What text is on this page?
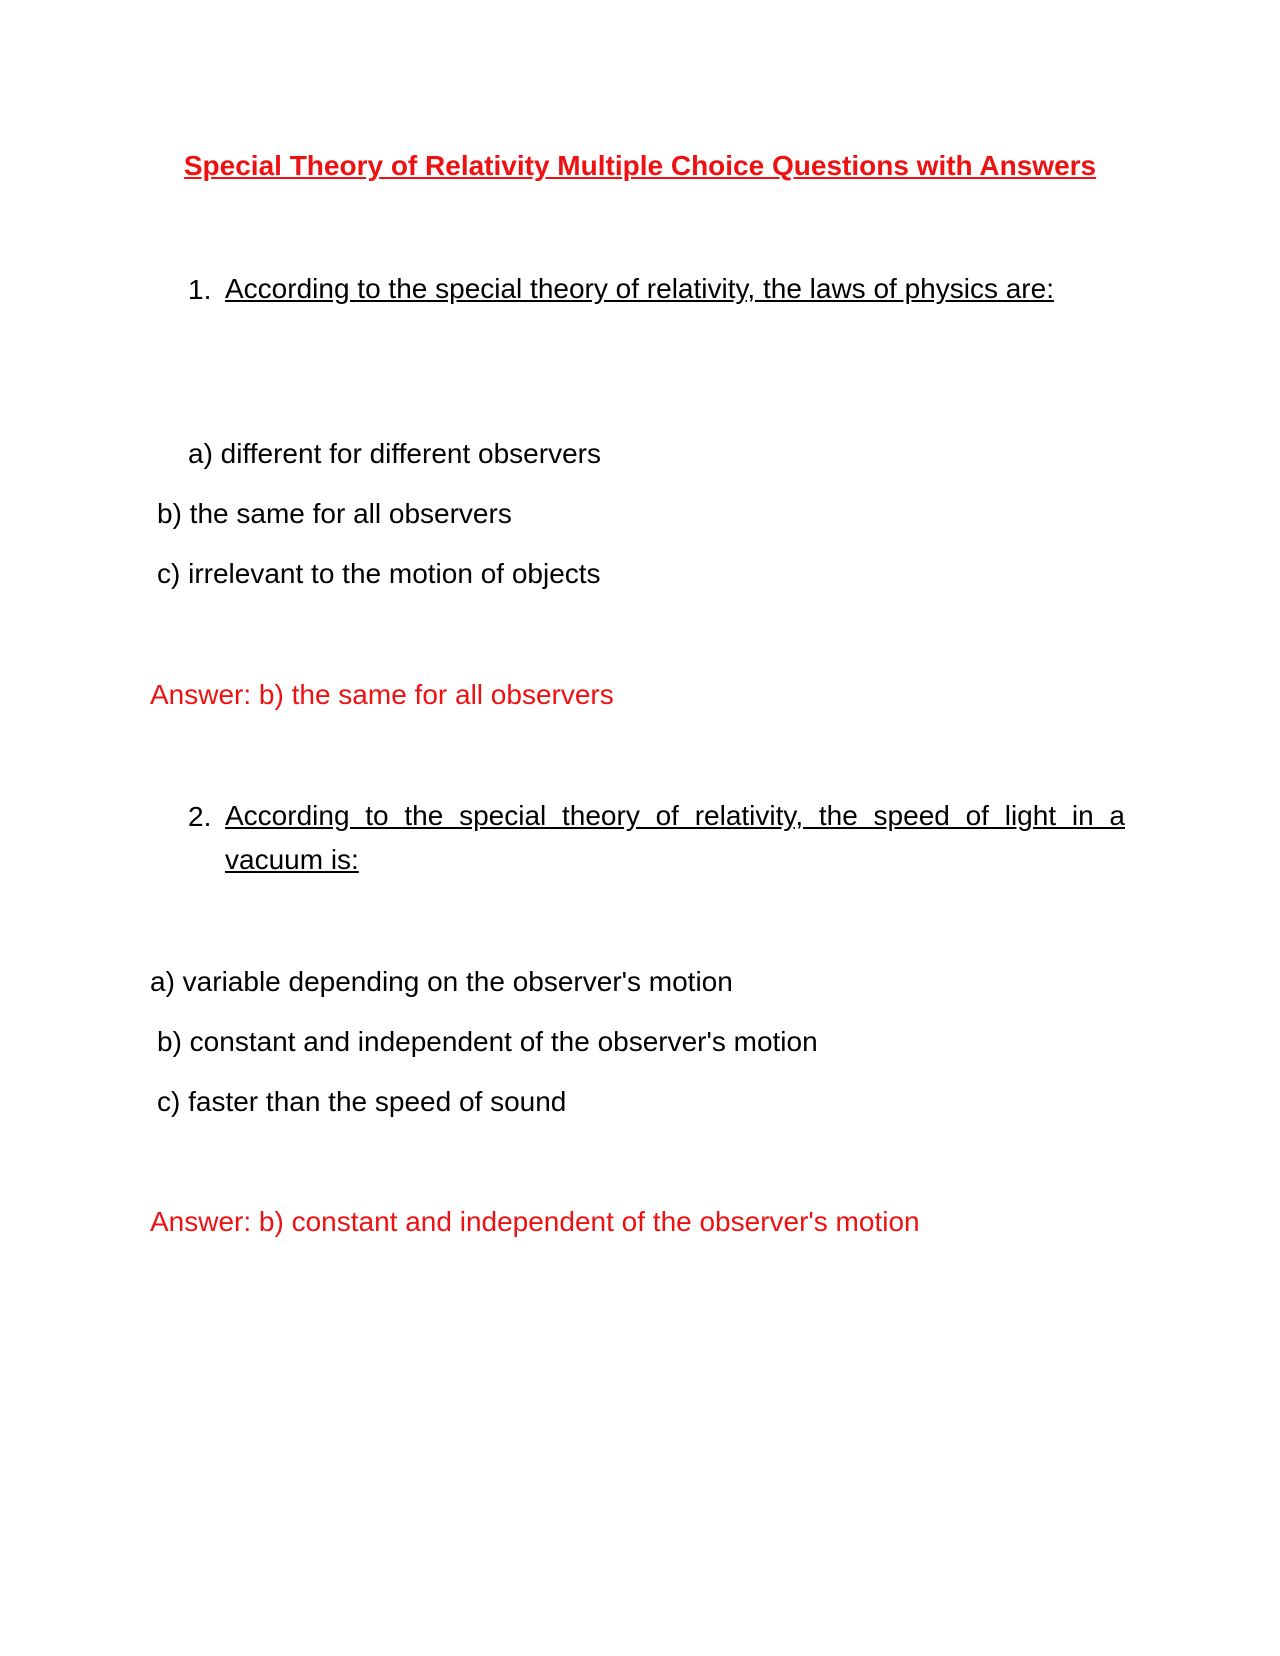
Special Theory of Relativity Multiple Choice Questions with Answers
1. According to the special theory of relativity, the laws of physics are:
a) different for different observers
b) the same for all observers
c) irrelevant to the motion of objects
Answer: b) the same for all observers
2. According to the special theory of relativity, the speed of light in a vacuum is:
a) variable depending on the observer's motion
b) constant and independent of the observer's motion
c) faster than the speed of sound
Answer: b) constant and independent of the observer's motion
